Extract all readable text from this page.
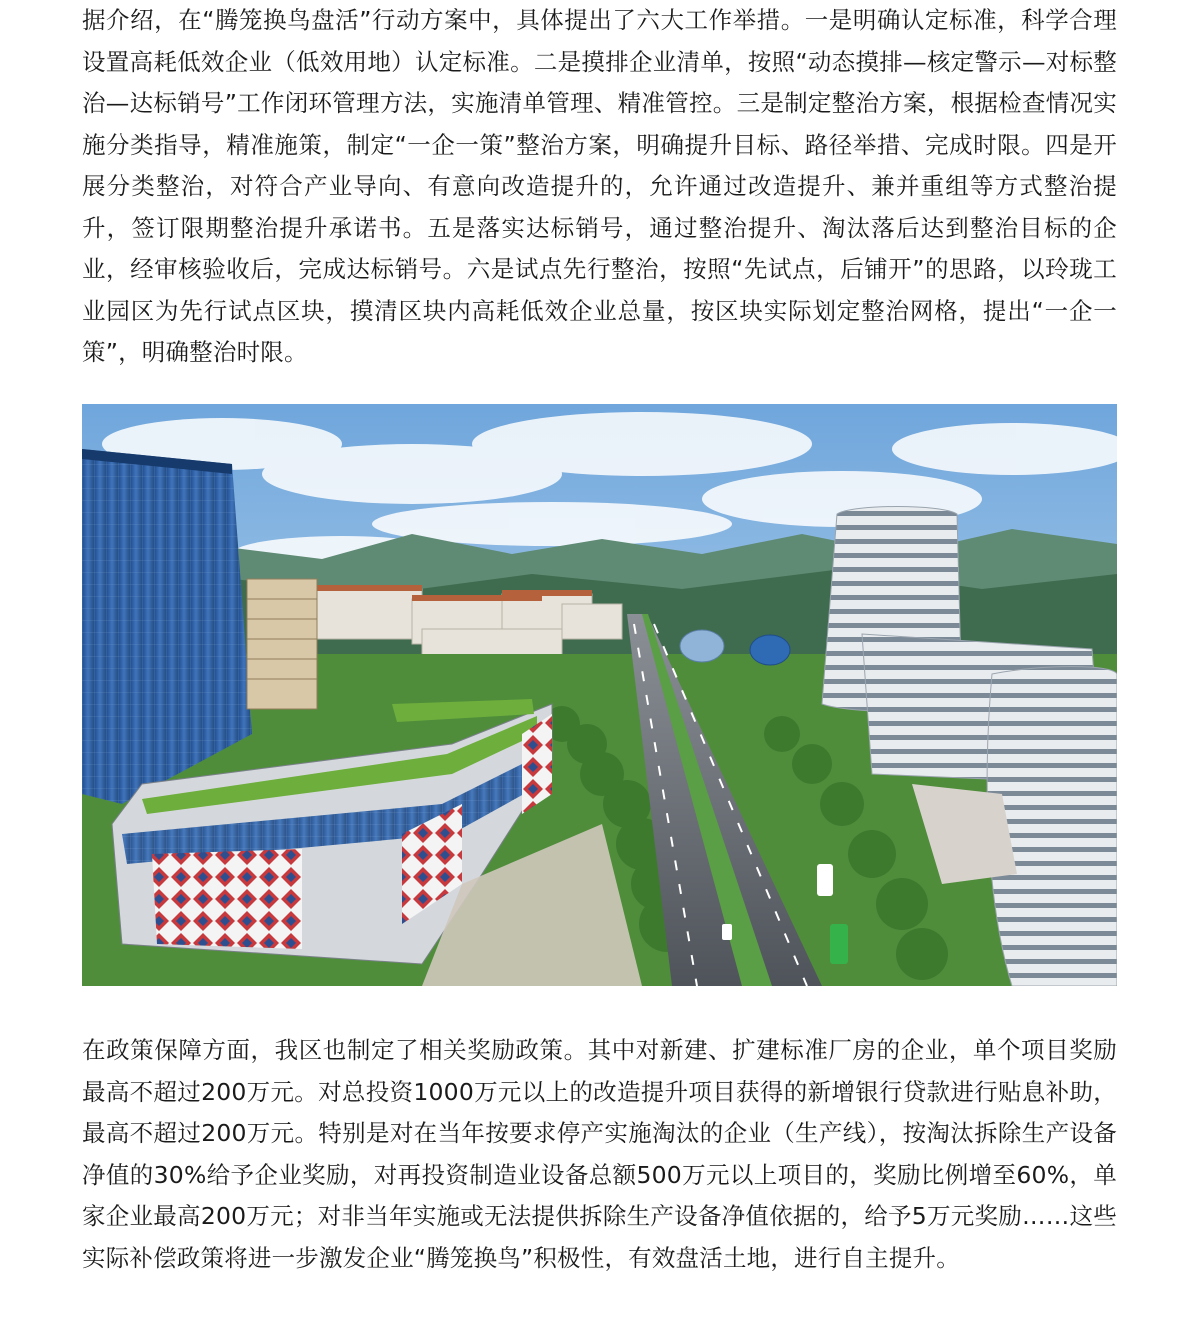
据介绍，在“腾笼换鸟盘活”行动方案中，具体提出了六大工作举措。一是明确认定标准，科学合理设置高耗低效企业（低效用地）认定标准。二是摸排企业清单，按照“动态摸排—核定警示—对标整治—达标销号”工作闭环管理方法，实施清单管理、精准管控。三是制定整治方案，根据检查情况实施分类指导，精准施策，制定“一企一策”整治方案，明确提升目标、路径举措、完成时限。四是开展分类整治，对符合产业导向、有意向改造提升的，允许通过改造提升、兼并重组等方式整治提升，签订限期整治提升承诺书。五是落实达标销号，通过整治提升、淘汰落后达到整治目标的企业，经审核验收后，完成达标销号。六是试点先行整治，按照“先试点，后铺开”的思路，以玲珑工业园区为先行试点区块，摸清区块内高耗低效企业总量，按区块实际划定整治网格，提出“一企一策”，明确整治时限。

在政策保障方面，我区也制定了相关奖励政策。其中对新建、扩建标准厂房的企业，单个项目奖励最高不超过200万元。对总投资1000万元以上的改造提升项目获得的新增银行贷款进行贴息补助，最高不超过200万元。特别是对在当年按要求停产实施淘汰的企业（生产线），按淘汰拆除生产设备净值的30%给予企业奖励，对再投资制造业设备总额500万元以上项目的，奖励比例增至60%，单家企业最高200万元；对非当年实施或无法提供拆除生产设备净值依据的，给予5万元奖励……这些实际补偿政策将进一步激发企业“腾笼换鸟”积极性，有效盘活土地，进行自主提升。
